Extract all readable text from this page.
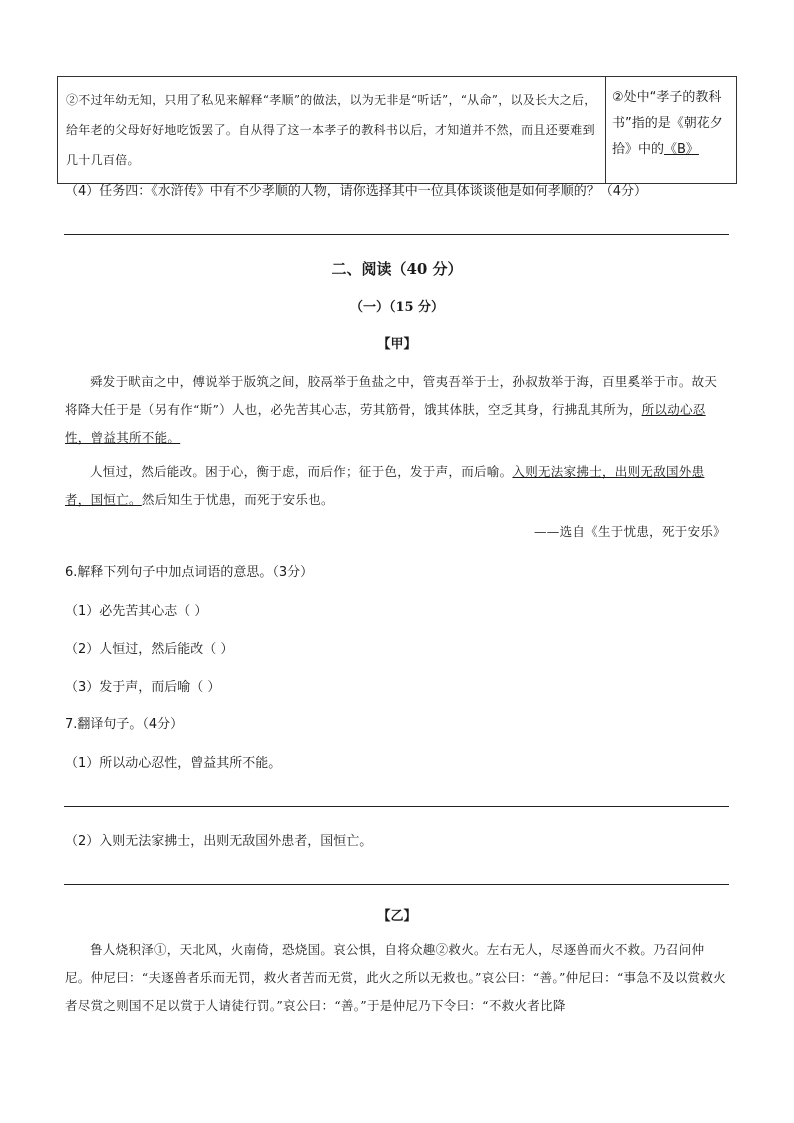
②不过年幼无知，只用了私见来解释“孝顺”的做法，以为无非是“听话”，“从命”，以及长大之后，给年老的父母好好地吃饭罢了。自从得了这一本孝子的教科书以后，才知道并不然，而且还要难到几十几百倍。	②处中“孝子的教科书”指的是《朝花夕拾》中的《B》
（4）任务四：《水浒传》中有不少孝顺的人物，请你选择其中一位具体谈谈他是如何孝顺的？（4分）
二、阅读（40 分）
（一）（15 分）
【甲】

舜发于畎亩之中，傅说举于版筑之间，胶鬲举于鱼盐之中，管夷吾举于士，孙叔敖举于海，百里奚举于市。故天将降大任于是（另有作“斯”）人也，必先苦其心志，劳其筋骨，饿其体肤，空乏其身，行拂乱其所为，所以动心忍性，曾益其所不能。

人恒过，然后能改。困于心，衡于虑，而后作；征于色，发于声，而后喻。入则无法家拂士，出则无敌国外患者，国恒亡。然后知生于忧患，而死于安乐也。

——选自《生于忧患，死于安乐》
6.解释下列句子中加点词语的意思。（3分）
（1）必先苦其心志（ ）
（2）人恒过，然后能改（ ）
（3）发于声，而后喻（ ）
7.翻译句子。（4分）
（1）所以动心忍性，曾益其所不能。
（2）入则无法家拂士，出则无敌国外患者，国恒亡。
【乙】

鲁人烧积泽①，天北风，火南倚，恐烧国。哀公惧，自将众趣②救火。左右无人，尽逐兽而火不救。乃召问仲尼。仲尼曰：“夫逐兽者乐而无罚，救火者苦而无赏，此火之所以无救也。”哀公曰：“善。”仲尼曰：“事急不及以赏救火者尽赏之则国不足以赏于人请徒行罚。”哀公曰：“善。”于是仲尼乃下令曰：“不救火者比降
